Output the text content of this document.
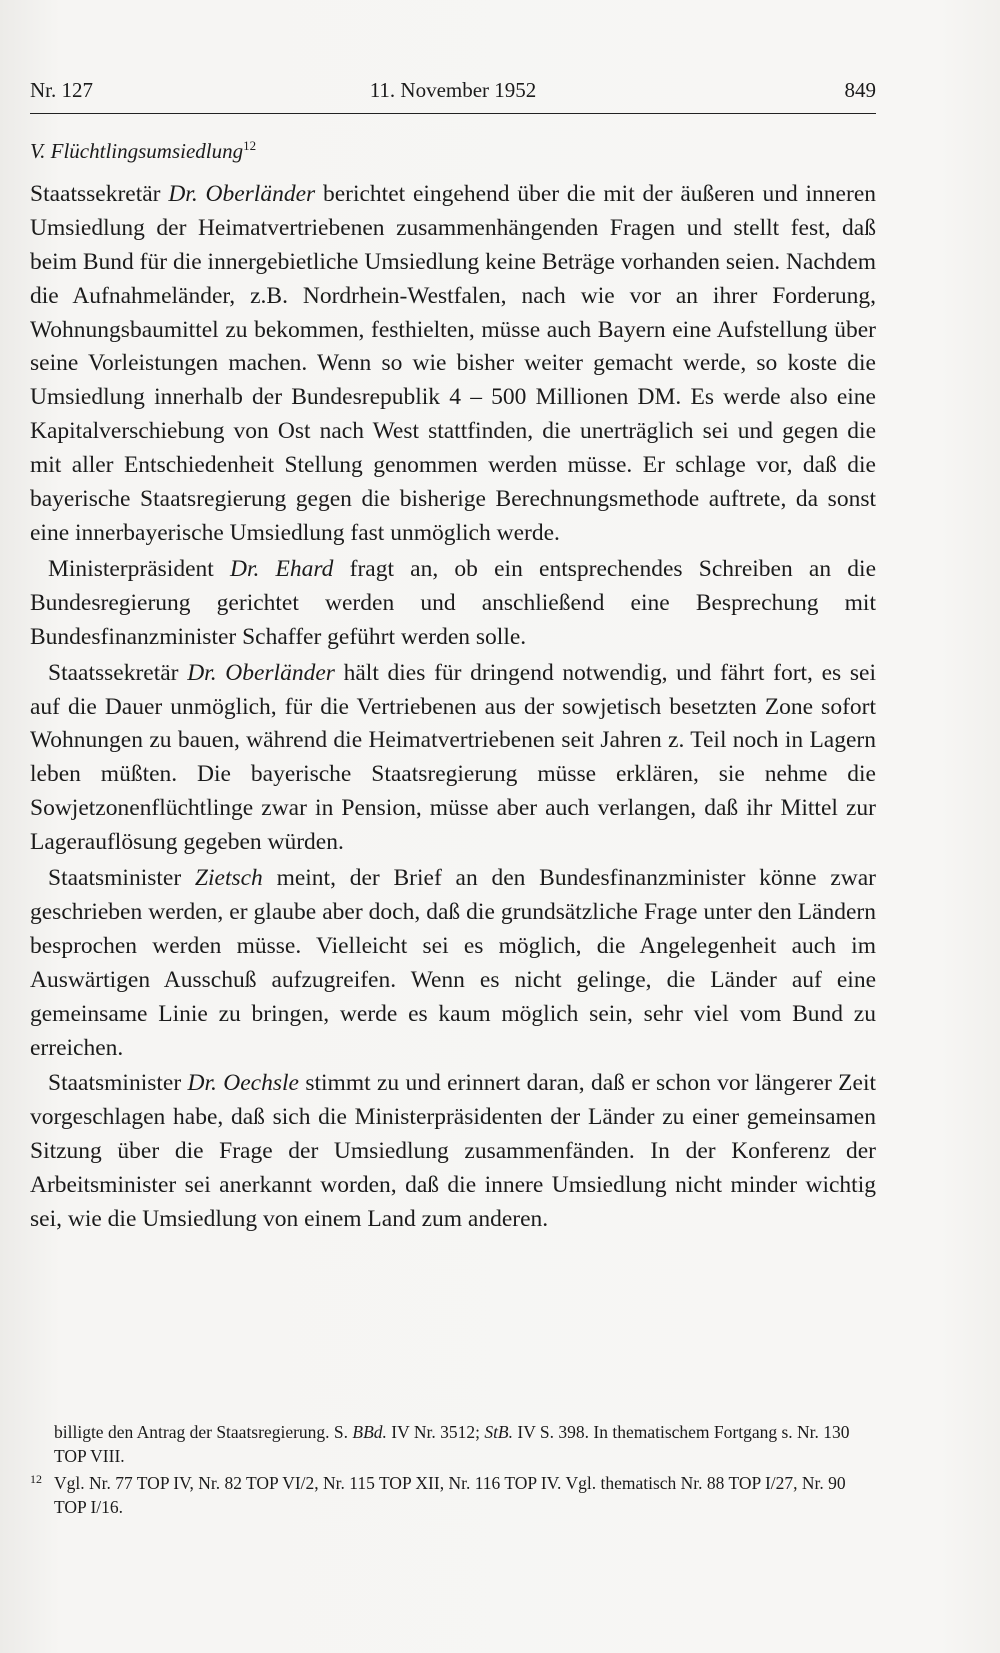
Nr. 127	11. November 1952	849
V. Flüchtlingsumsiedlung$^{12}$
Staatssekretär Dr. Oberländer berichtet eingehend über die mit der äußeren und inneren Umsiedlung der Heimatvertriebenen zusammenhängenden Fragen und stellt fest, daß beim Bund für die innergebietliche Umsiedlung keine Beträge vorhanden seien. Nachdem die Aufnahmeländer, z.B. Nordrhein-Westfalen, nach wie vor an ihrer Forderung, Wohnungsbaumittel zu bekommen, festhielten, müsse auch Bayern eine Aufstellung über seine Vorleistungen machen. Wenn so wie bisher weiter gemacht werde, so koste die Umsiedlung innerhalb der Bundesrepublik 4 – 500 Millionen DM. Es werde also eine Kapitalverschiebung von Ost nach West stattfinden, die unerträglich sei und gegen die mit aller Entschiedenheit Stellung genommen werden müsse. Er schlage vor, daß die bayerische Staatsregierung gegen die bisherige Berechnungsmethode auftrete, da sonst eine innerbayerische Umsiedlung fast unmöglich werde.
Ministerpräsident Dr. Ehard fragt an, ob ein entsprechendes Schreiben an die Bundesregierung gerichtet werden und anschließend eine Besprechung mit Bundesfinanzminister Schaffer geführt werden solle.
Staatssekretär Dr. Oberländer hält dies für dringend notwendig, und fährt fort, es sei auf die Dauer unmöglich, für die Vertriebenen aus der sowjetisch besetzten Zone sofort Wohnungen zu bauen, während die Heimatvertriebenen seit Jahren z. Teil noch in Lagern leben müßten. Die bayerische Staatsregierung müsse erklären, sie nehme die Sowjetzonenflüchtlinge zwar in Pension, müsse aber auch verlangen, daß ihr Mittel zur Lagerauflösung gegeben würden.
Staatsminister Zietsch meint, der Brief an den Bundesfinanzminister könne zwar geschrieben werden, er glaube aber doch, daß die grundsätzliche Frage unter den Ländern besprochen werden müsse. Vielleicht sei es möglich, die Angelegenheit auch im Auswärtigen Ausschuß aufzugreifen. Wenn es nicht gelinge, die Länder auf eine gemeinsame Linie zu bringen, werde es kaum möglich sein, sehr viel vom Bund zu erreichen.
Staatsminister Dr. Oechsle stimmt zu und erinnert daran, daß er schon vor längerer Zeit vorgeschlagen habe, daß sich die Ministerpräsidenten der Länder zu einer gemeinsamen Sitzung über die Frage der Umsiedlung zusammenfänden. In der Konferenz der Arbeitsminister sei anerkannt worden, daß die innere Umsiedlung nicht minder wichtig sei, wie die Umsiedlung von einem Land zum anderen.
billigte den Antrag der Staatsregierung. S. BBd. IV Nr. 3512; StB. IV S. 398. In thematischem Fortgang s. Nr. 130 TOP VIII.
12 Vgl. Nr. 77 TOP IV, Nr. 82 TOP VI/2, Nr. 115 TOP XII, Nr. 116 TOP IV. Vgl. thematisch Nr. 88 TOP I/27, Nr. 90 TOP I/16.
